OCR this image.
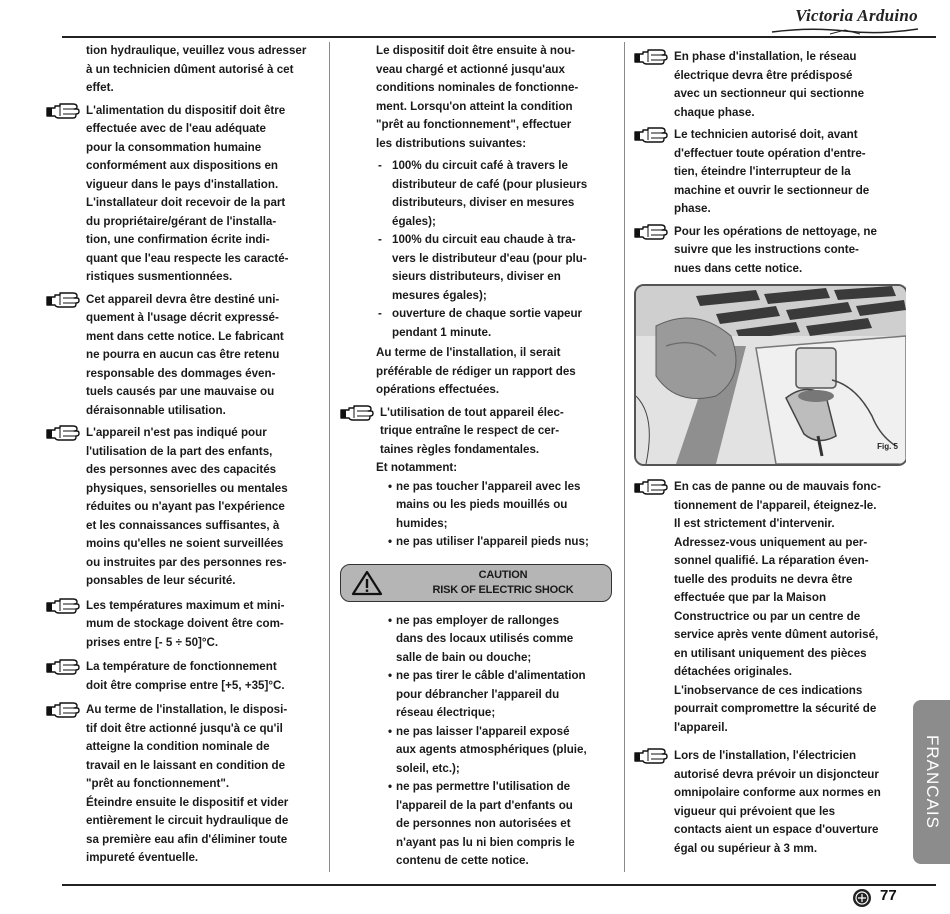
Victoria Arduino
tion hydraulique, veuillez vous adresser
à un technicien dûment autorisé à cet
effet.
L'alimentation du dispositif doit être
effectuée avec de l'eau adéquate
pour la consommation humaine
conformément aux dispositions en
vigueur dans le pays d'installation.
L'installateur doit recevoir de la part
du propriétaire/gérant de l'installa-
tion, une confirmation écrite indi-
quant que l'eau respecte les caracté-
ristiques susmentionnées.
Cet appareil devra être destiné uni-
quement à l'usage décrit expressé-
ment dans cette notice. Le fabricant
ne pourra en aucun cas être retenu
responsable des dommages éven-
tuels causés par une mauvaise ou
déraisonnable utilisation.
L'appareil n'est pas indiqué pour
l'utilisation de la part des enfants,
des personnes avec des capacités
physiques, sensorielles ou mentales
réduites ou n'ayant pas l'expérience
et les connaissances suffisantes, à
moins qu'elles ne soient surveillées
ou instruites par des personnes res-
ponsables de leur sécurité.
Les températures maximum et mini-
mum de stockage doivent être com-
prises entre [- 5 ÷ 50]°C.
La température de fonctionnement
doit être comprise entre [+5, +35]°C.
Au terme de l'installation, le disposi-
tif doit être actionné jusqu'à ce qu'il
atteigne la condition nominale de
travail en le laissant en condition de
"prêt au fonctionnement".
Éteindre ensuite le dispositif et vider
entièrement le circuit hydraulique de
sa première eau afin d'éliminer toute
impureté éventuelle.
Le dispositif doit être ensuite à nou-
veau chargé et actionné jusqu'aux
conditions nominales de fonctionne-
ment. Lorsqu'on atteint la condition
"prêt au fonctionnement", effectuer
les distributions suivantes:
- 100% du circuit café à travers le
distributeur de café (pour plusieurs
distributeurs, diviser en mesures
égales);
- 100% du circuit eau chaude à tra-
vers le distributeur d'eau (pour plu-
sieurs distributeurs, diviser en
mesures égales);
- ouverture de chaque sortie vapeur
pendant 1 minute.
Au terme de l'installation, il serait
préférable de rédiger un rapport des
opérations effectuées.
L'utilisation de tout appareil élec-
trique entraîne le respect de cer-
taines règles fondamentales.
Et notamment:
• ne pas toucher l'appareil avec les
mains ou les pieds mouillés ou
humides;
• ne pas utiliser l'appareil pieds nus;
CAUTION
RISK OF ELECTRIC SHOCK
• ne pas employer de rallonges
dans des locaux utilisés comme
salle de bain ou douche;
• ne pas tirer le câble d'alimentation
pour débrancher l'appareil du
réseau électrique;
• ne pas laisser l'appareil exposé
aux agents atmosphériques (pluie,
soleil, etc.);
• ne pas permettre l'utilisation de
l'appareil de la part d'enfants ou
de personnes non autorisées et
n'ayant pas lu ni bien compris le
contenu de cette notice.
En phase d'installation, le réseau
électrique devra être prédisposé
avec un sectionneur qui sectionne
chaque phase.
Le technicien autorisé doit, avant
d'effectuer toute opération d'entre-
tien, éteindre l'interrupteur de la
machine et ouvrir le sectionneur de
phase.
Pour les opérations de nettoyage, ne
suivre que les instructions conte-
nues dans cette notice.
Fig. 5
En cas de panne ou de mauvais fonc-
tionnement de l'appareil, éteignez-le.
Il est strictement d'intervenir.
Adressez-vous uniquement au per-
sonnel qualifié. La réparation éven-
tuelle des produits ne devra être
effectuée que par la Maison
Constructrice ou par un centre de
service après vente dûment autorisé,
en utilisant uniquement des pièces
détachées originales.
L'inobservance de ces indications
pourrait compromettre la sécurité de
l'appareil.
Lors de l'installation, l'électricien
autorisé devra prévoir un disjoncteur
omnipolaire conforme aux normes en
vigueur qui prévoient que les
contacts aient un espace d'ouverture
égal ou supérieur à 3 mm.
FRANCAIS
77
